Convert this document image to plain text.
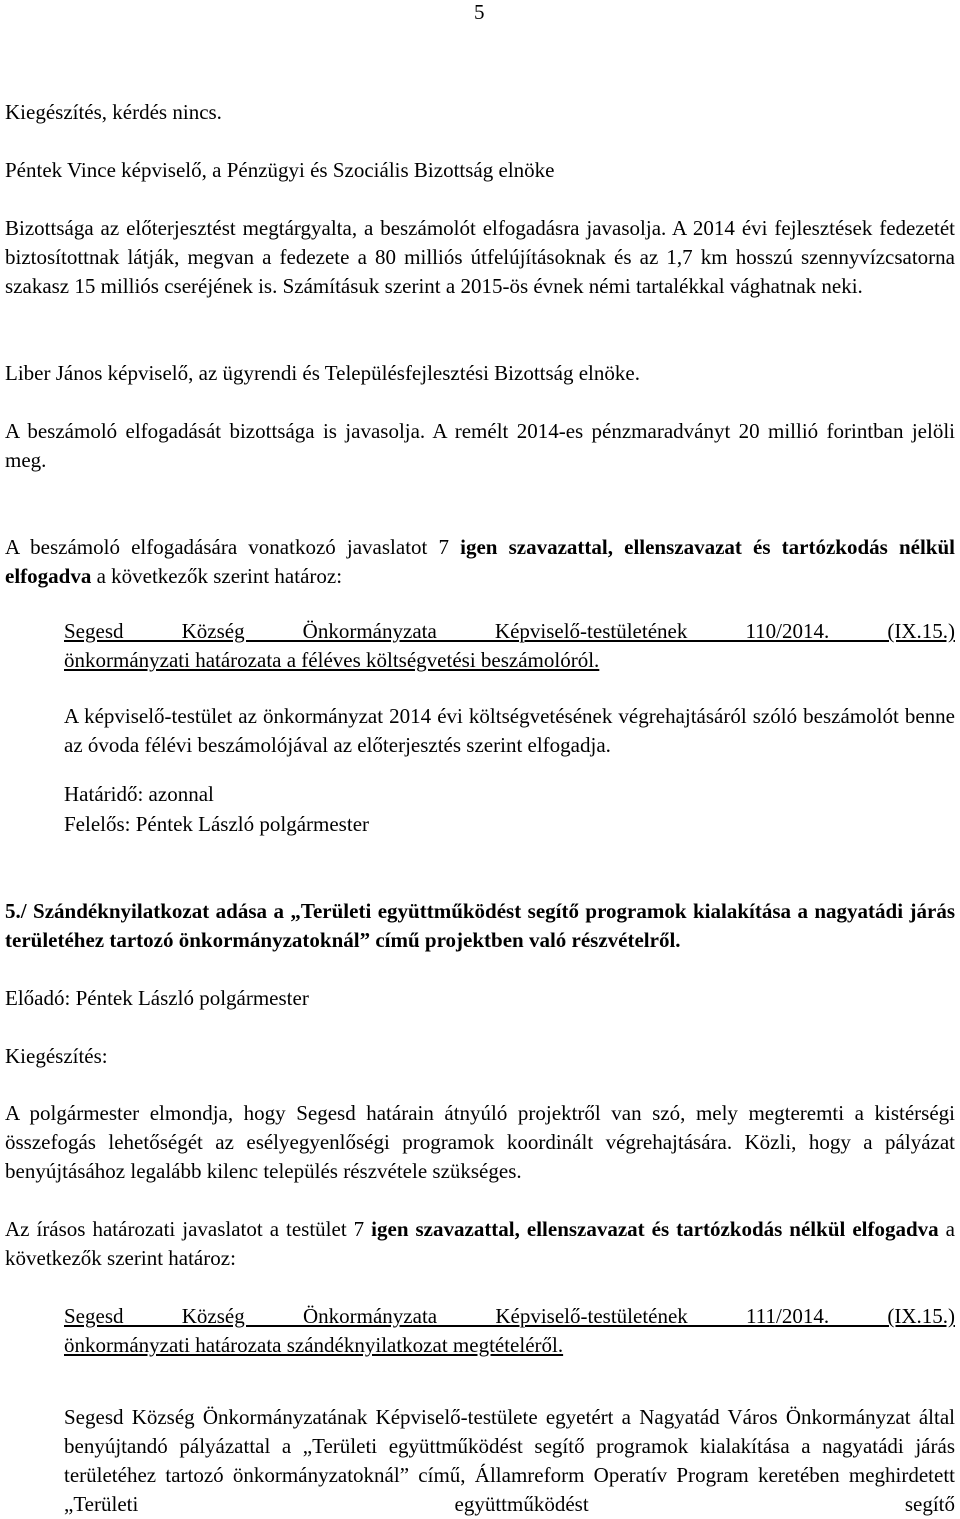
5

Kiegészítés, kérdés nincs.

Péntek Vince képviselő, a Pénzügyi és Szociális Bizottság elnöke

Bizottsága az előterjesztést megtárgyalta, a beszámolót elfogadásra javasolja. A 2014 évi fejlesztések fedezetét biztosítottnak látják, megvan a fedezete a 80 milliós útfelújításoknak és az 1,7 km hosszú szennyvízcsatorna szakasz 15 milliós cseréjének is. Számításuk szerint a 2015-ös évnek némi tartalékkal vághatnak neki.

Liber János képviselő, az ügyrendi és Településfejlesztési Bizottság elnöke.

A beszámoló elfogadását bizottsága is javasolja. A remélt 2014-es pénzmaradványt 20 millió forintban jelöli meg.

A beszámoló elfogadására vonatkozó javaslatot 7 igen szavazattal, ellenszavazat és tartózkodás nélkül elfogadva a következők szerint határoz:

Segesd Község Önkormányzata Képviselő-testületének 110/2014. (IX.15.)

önkormányzati határozata a féléves költségvetési beszámolóról.

A képviselő-testület az önkormányzat 2014 évi költségvetésének végrehajtásáról szóló beszámolót benne az óvoda félévi beszámolójával az előterjesztés szerint elfogadja.

Határidő: azonnal

Felelős: Péntek László polgármester

5./ Szándéknyilatkozat adása a „Területi együttműködést segítő programok kialakítása a nagyatádi járás területéhez tartozó önkormányzatoknál” című projektben való részvételről.

Előadó: Péntek László polgármester

Kiegészítés:

A polgármester elmondja, hogy Segesd határain átnyúló projektről van szó, mely megteremti a kistérségi összefogás lehetőségét az esélyegyenlőségi programok koordinált végrehajtására. Közli, hogy a pályázat benyújtásához legalább kilenc település részvétele szükséges.

Az írásos határozati javaslatot a testület 7 igen szavazattal, ellenszavazat és tartózkodás nélkül elfogadva a következők szerint határoz:

Segesd Község Önkormányzata Képviselő-testületének 111/2014. (IX.15.)

önkormányzati határozata szándéknyilatkozat megtételéről.

Segesd Község Önkormányzatának Képviselő-testülete egyetért a Nagyatád Város Önkormányzat által benyújtandó pályázattal a „Területi együttműködést segítő programok kialakítása a nagyatádi járás területéhez tartozó önkormányzatoknál” című, Államreform Operatív Program keretében meghirdetett „Területi együttműködést segítő
